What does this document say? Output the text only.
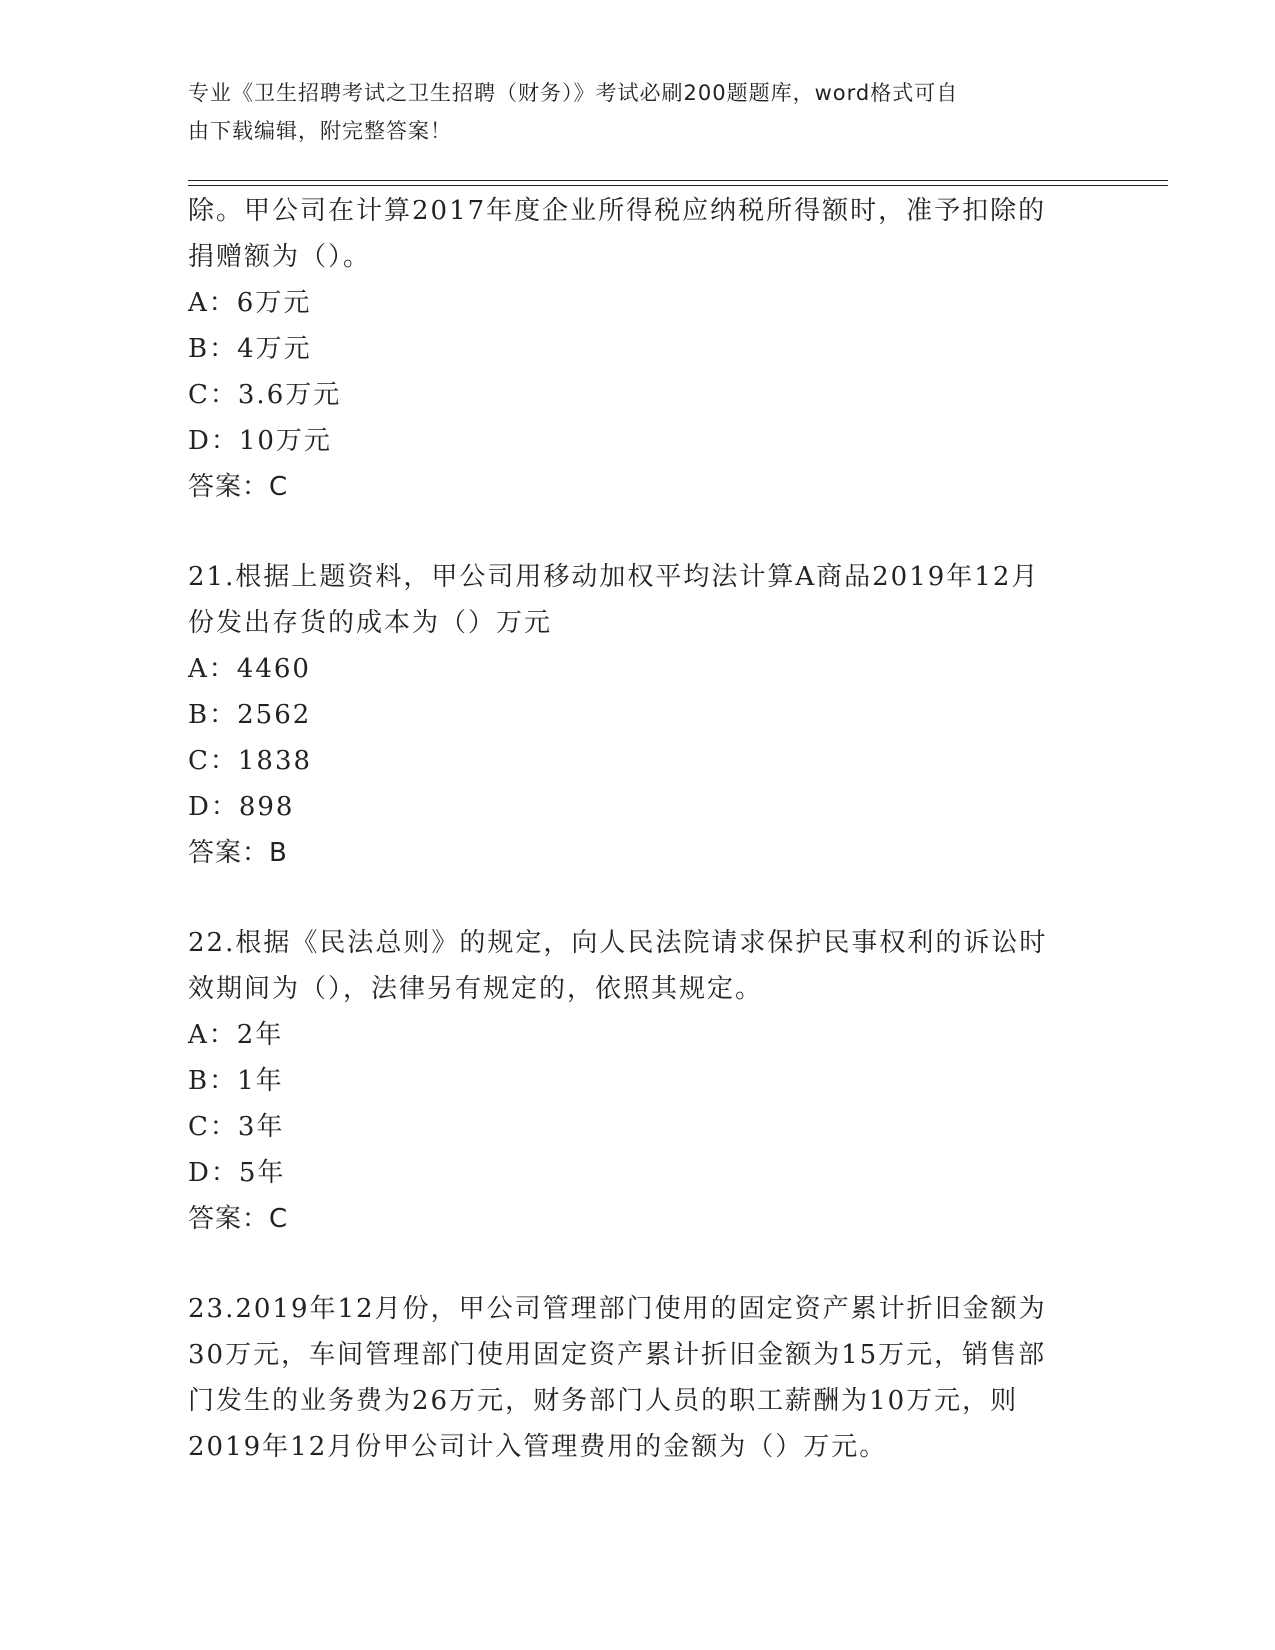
专业《卫生招聘考试之卫生招聘（财务）》考试必刷200题题库，word格式可自
由下载编辑，附完整答案！
除。甲公司在计算2017年度企业所得税应纳税所得额时，准予扣除的
捐赠额为（）。
A：6万元
B：4万元
C：3.6万元
D：10万元
答案：C
21.根据上题资料，甲公司用移动加权平均法计算A商品2019年12月
份发出存货的成本为（）万元
A：4460
B：2562
C：1838
D：898
答案：B
22.根据《民法总则》的规定，向人民法院请求保护民事权利的诉讼时
效期间为（），法律另有规定的，依照其规定。
A：2年
B：1年
C：3年
D：5年
答案：C
23.2019年12月份，甲公司管理部门使用的固定资产累计折旧金额为
30万元，车间管理部门使用固定资产累计折旧金额为15万元，销售部
门发生的业务费为26万元，财务部门人员的职工薪酬为10万元，则
2019年12月份甲公司计入管理费用的金额为（）万元。
